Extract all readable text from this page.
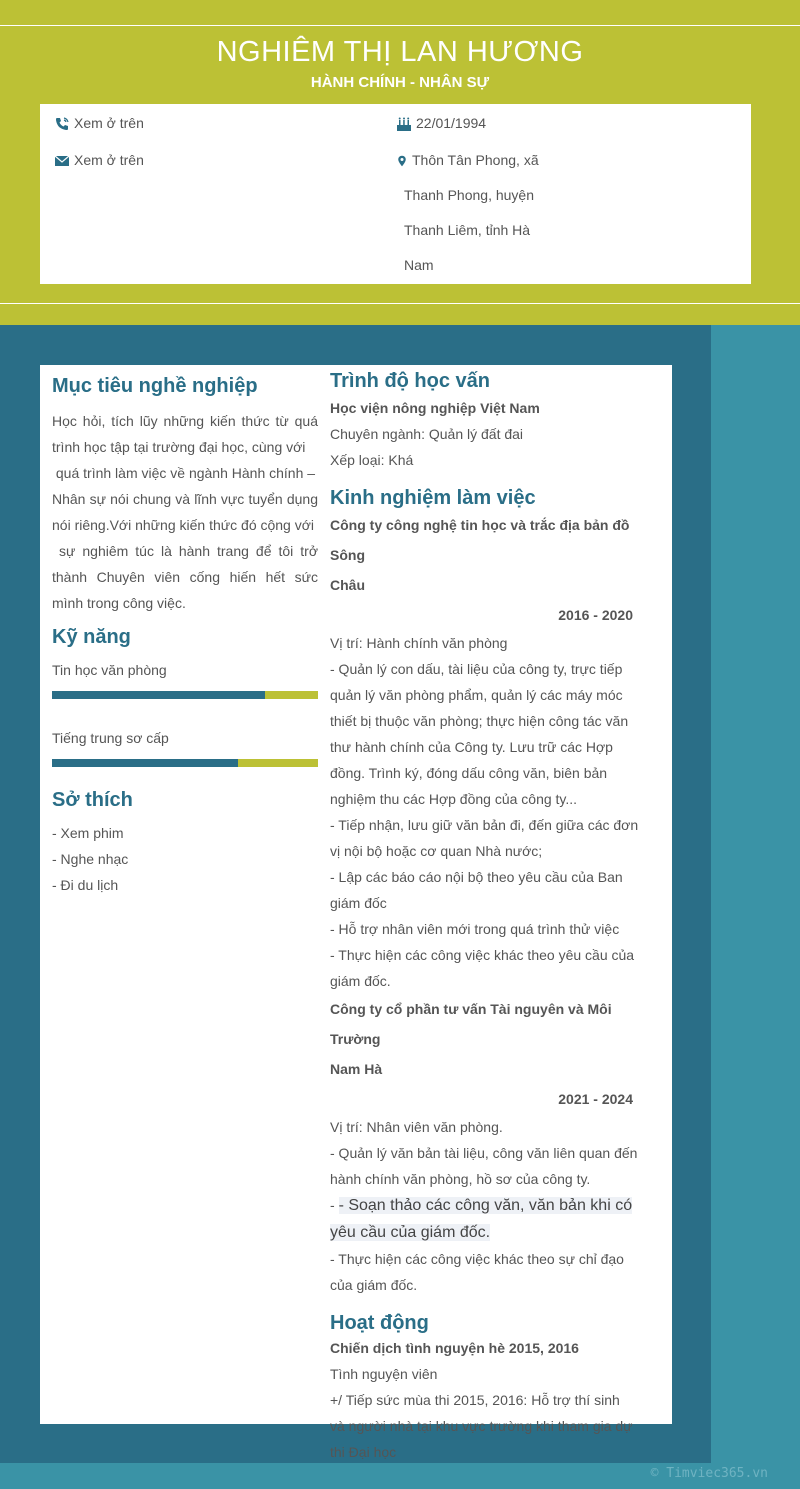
NGHIÊM THỊ LAN HƯƠNG
HÀNH CHÍNH - NHÂN SỰ
Xem ở trên
Xem ở trên
22/01/1994
Thôn Tân Phong, xã
Thanh Phong, huyện
Thanh Liêm, tỉnh Hà
Nam
Mục tiêu nghề nghiệp
Học hỏi, tích lũy những kiến thức từ quá
trình học tập tại trường đại học, cùng với
quá trình làm việc về ngành Hành chính –
Nhân sự nói chung và lĩnh vực tuyển dụng
nói riêng.Với những kiến thức đó cộng với
sự nghiêm túc là hành trang để tôi trở
thành Chuyên viên cống hiến hết sức
mình trong công việc.
Kỹ năng
Tin học văn phòng
Tiếng trung sơ cấp
Sở thích
- Xem phim
- Nghe nhạc
- Đi du lịch
Trình độ học vấn
Học viện nông nghiệp Việt Nam
Chuyên ngành: Quản lý đất đai
Xếp loại: Khá
Kinh nghiệm làm việc
Công ty công nghệ tin học và trắc địa bản đồ Sông
Châu
2016 - 2020
Vị trí: Hành chính văn phòng
- Quản lý con dấu, tài liệu của công ty, trực tiếp
quản lý văn phòng phẩm, quản lý các máy móc
thiết bị thuộc văn phòng; thực hiện công tác văn
thư hành chính của Công ty. Lưu trữ các Hợp
đồng. Trình ký, đóng dấu công văn, biên bản
nghiệm thu các Hợp đồng của công ty...
- Tiếp nhận, lưu giữ văn bản đi, đến giữa các đơn
vị nội bộ hoặc cơ quan Nhà nước;
- Lập các báo cáo nội bộ theo yêu cầu của Ban
giám đốc
- Hỗ trợ nhân viên mới trong quá trình thử việc
- Thực hiện các công việc khác theo yêu cầu của
giám đốc.
Công ty cổ phần tư vấn Tài nguyên và Môi Trường
Nam Hà
2021 - 2024
Vị trí: Nhân viên văn phòng.
- Quản lý văn bản tài liệu, công văn liên quan đến
hành chính văn phòng, hồ sơ của công ty.
- - Soạn thảo các công văn, văn bản khi có
yêu cầu của giám đốc.
- Thực hiện các công việc khác theo sự chỉ đạo
của giám đốc.
Hoạt động
Chiến dịch tình nguyện hè 2015, 2016
Tình nguyện viên
+/ Tiếp sức mùa thi 2015, 2016: Hỗ trợ thí sinh
và người nhà tại khu vực trường khi tham gia dự
thi Đại học
© Timviec365.vn
